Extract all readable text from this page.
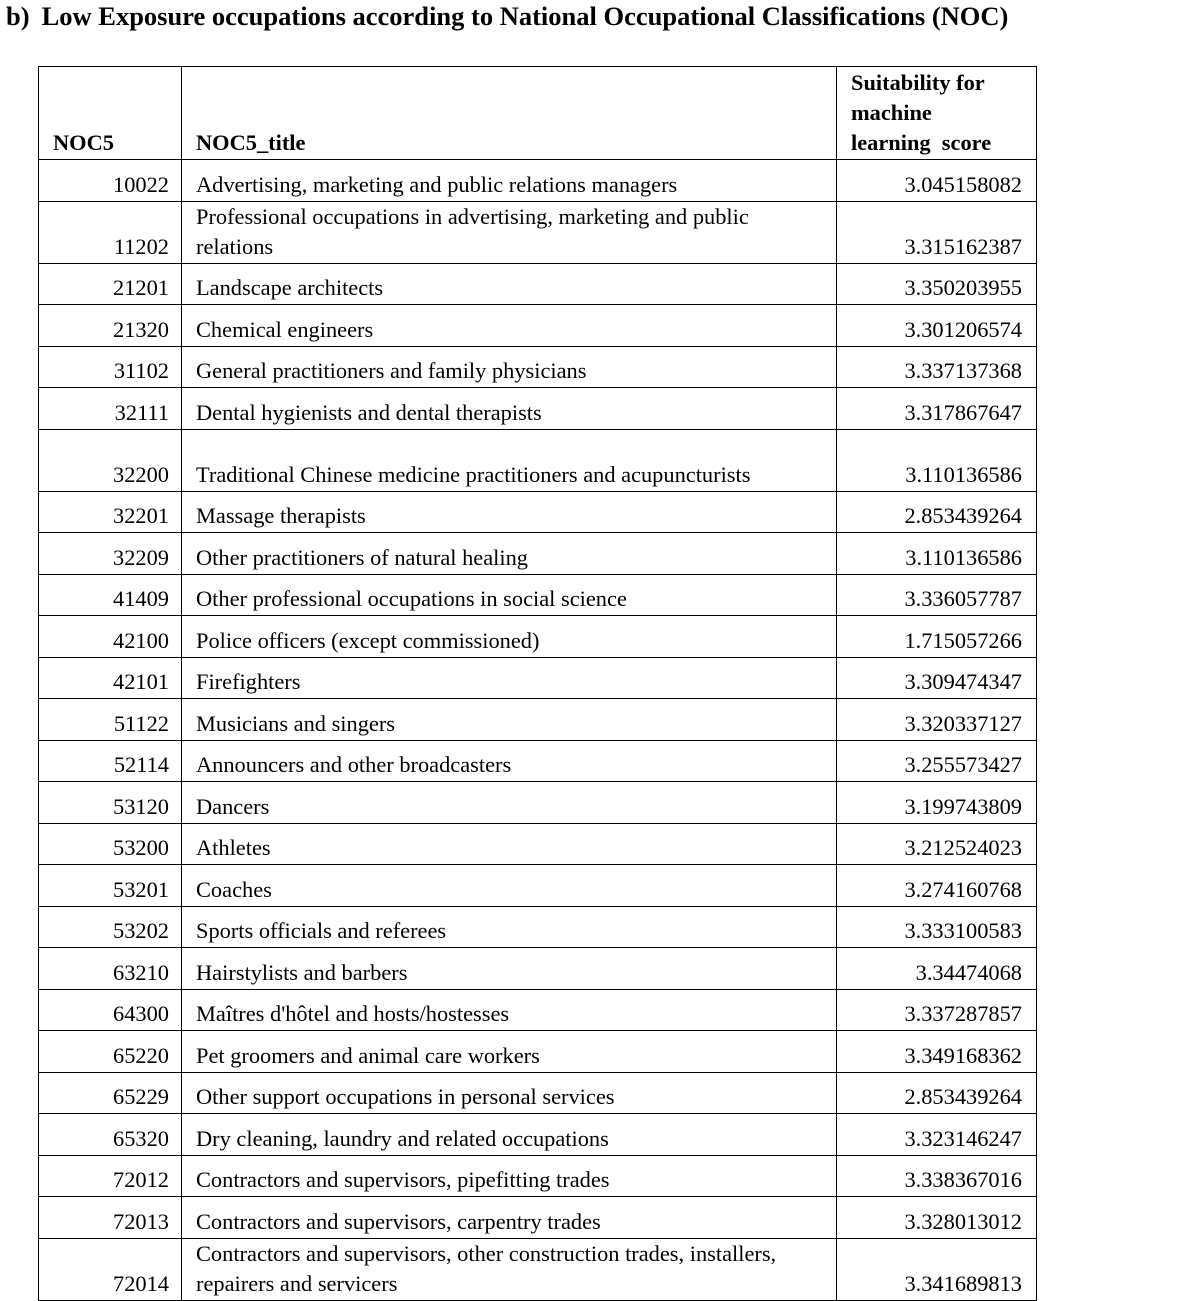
b) Low Exposure occupations according to National Occupational Classifications (NOC)
NOC5	NOC5_title	Suitability for
machine
learning  score
10022	Advertising, marketing and public relations managers	3.045158082
11202	Professional occupations in advertising, marketing and public relations	3.315162387
21201	Landscape architects	3.350203955
21320	Chemical engineers	3.301206574
31102	General practitioners and family physicians	3.337137368
32111	Dental hygienists and dental therapists	3.317867647
32200	Traditional Chinese medicine practitioners and acupuncturists	3.110136586
32201	Massage therapists	2.853439264
32209	Other practitioners of natural healing	3.110136586
41409	Other professional occupations in social science	3.336057787
42100	Police officers (except commissioned)	1.715057266
42101	Firefighters	3.309474347
51122	Musicians and singers	3.320337127
52114	Announcers and other broadcasters	3.255573427
53120	Dancers	3.199743809
53200	Athletes	3.212524023
53201	Coaches	3.274160768
53202	Sports officials and referees	3.333100583
63210	Hairstylists and barbers	3.34474068
64300	Maîtres d'hôtel and hosts/hostesses	3.337287857
65220	Pet groomers and animal care workers	3.349168362
65229	Other support occupations in personal services	2.853439264
65320	Dry cleaning, laundry and related occupations	3.323146247
72012	Contractors and supervisors, pipefitting trades	3.338367016
72013	Contractors and supervisors, carpentry trades	3.328013012
72014	Contractors and supervisors, other construction trades, installers, repairers and servicers	3.341689813
